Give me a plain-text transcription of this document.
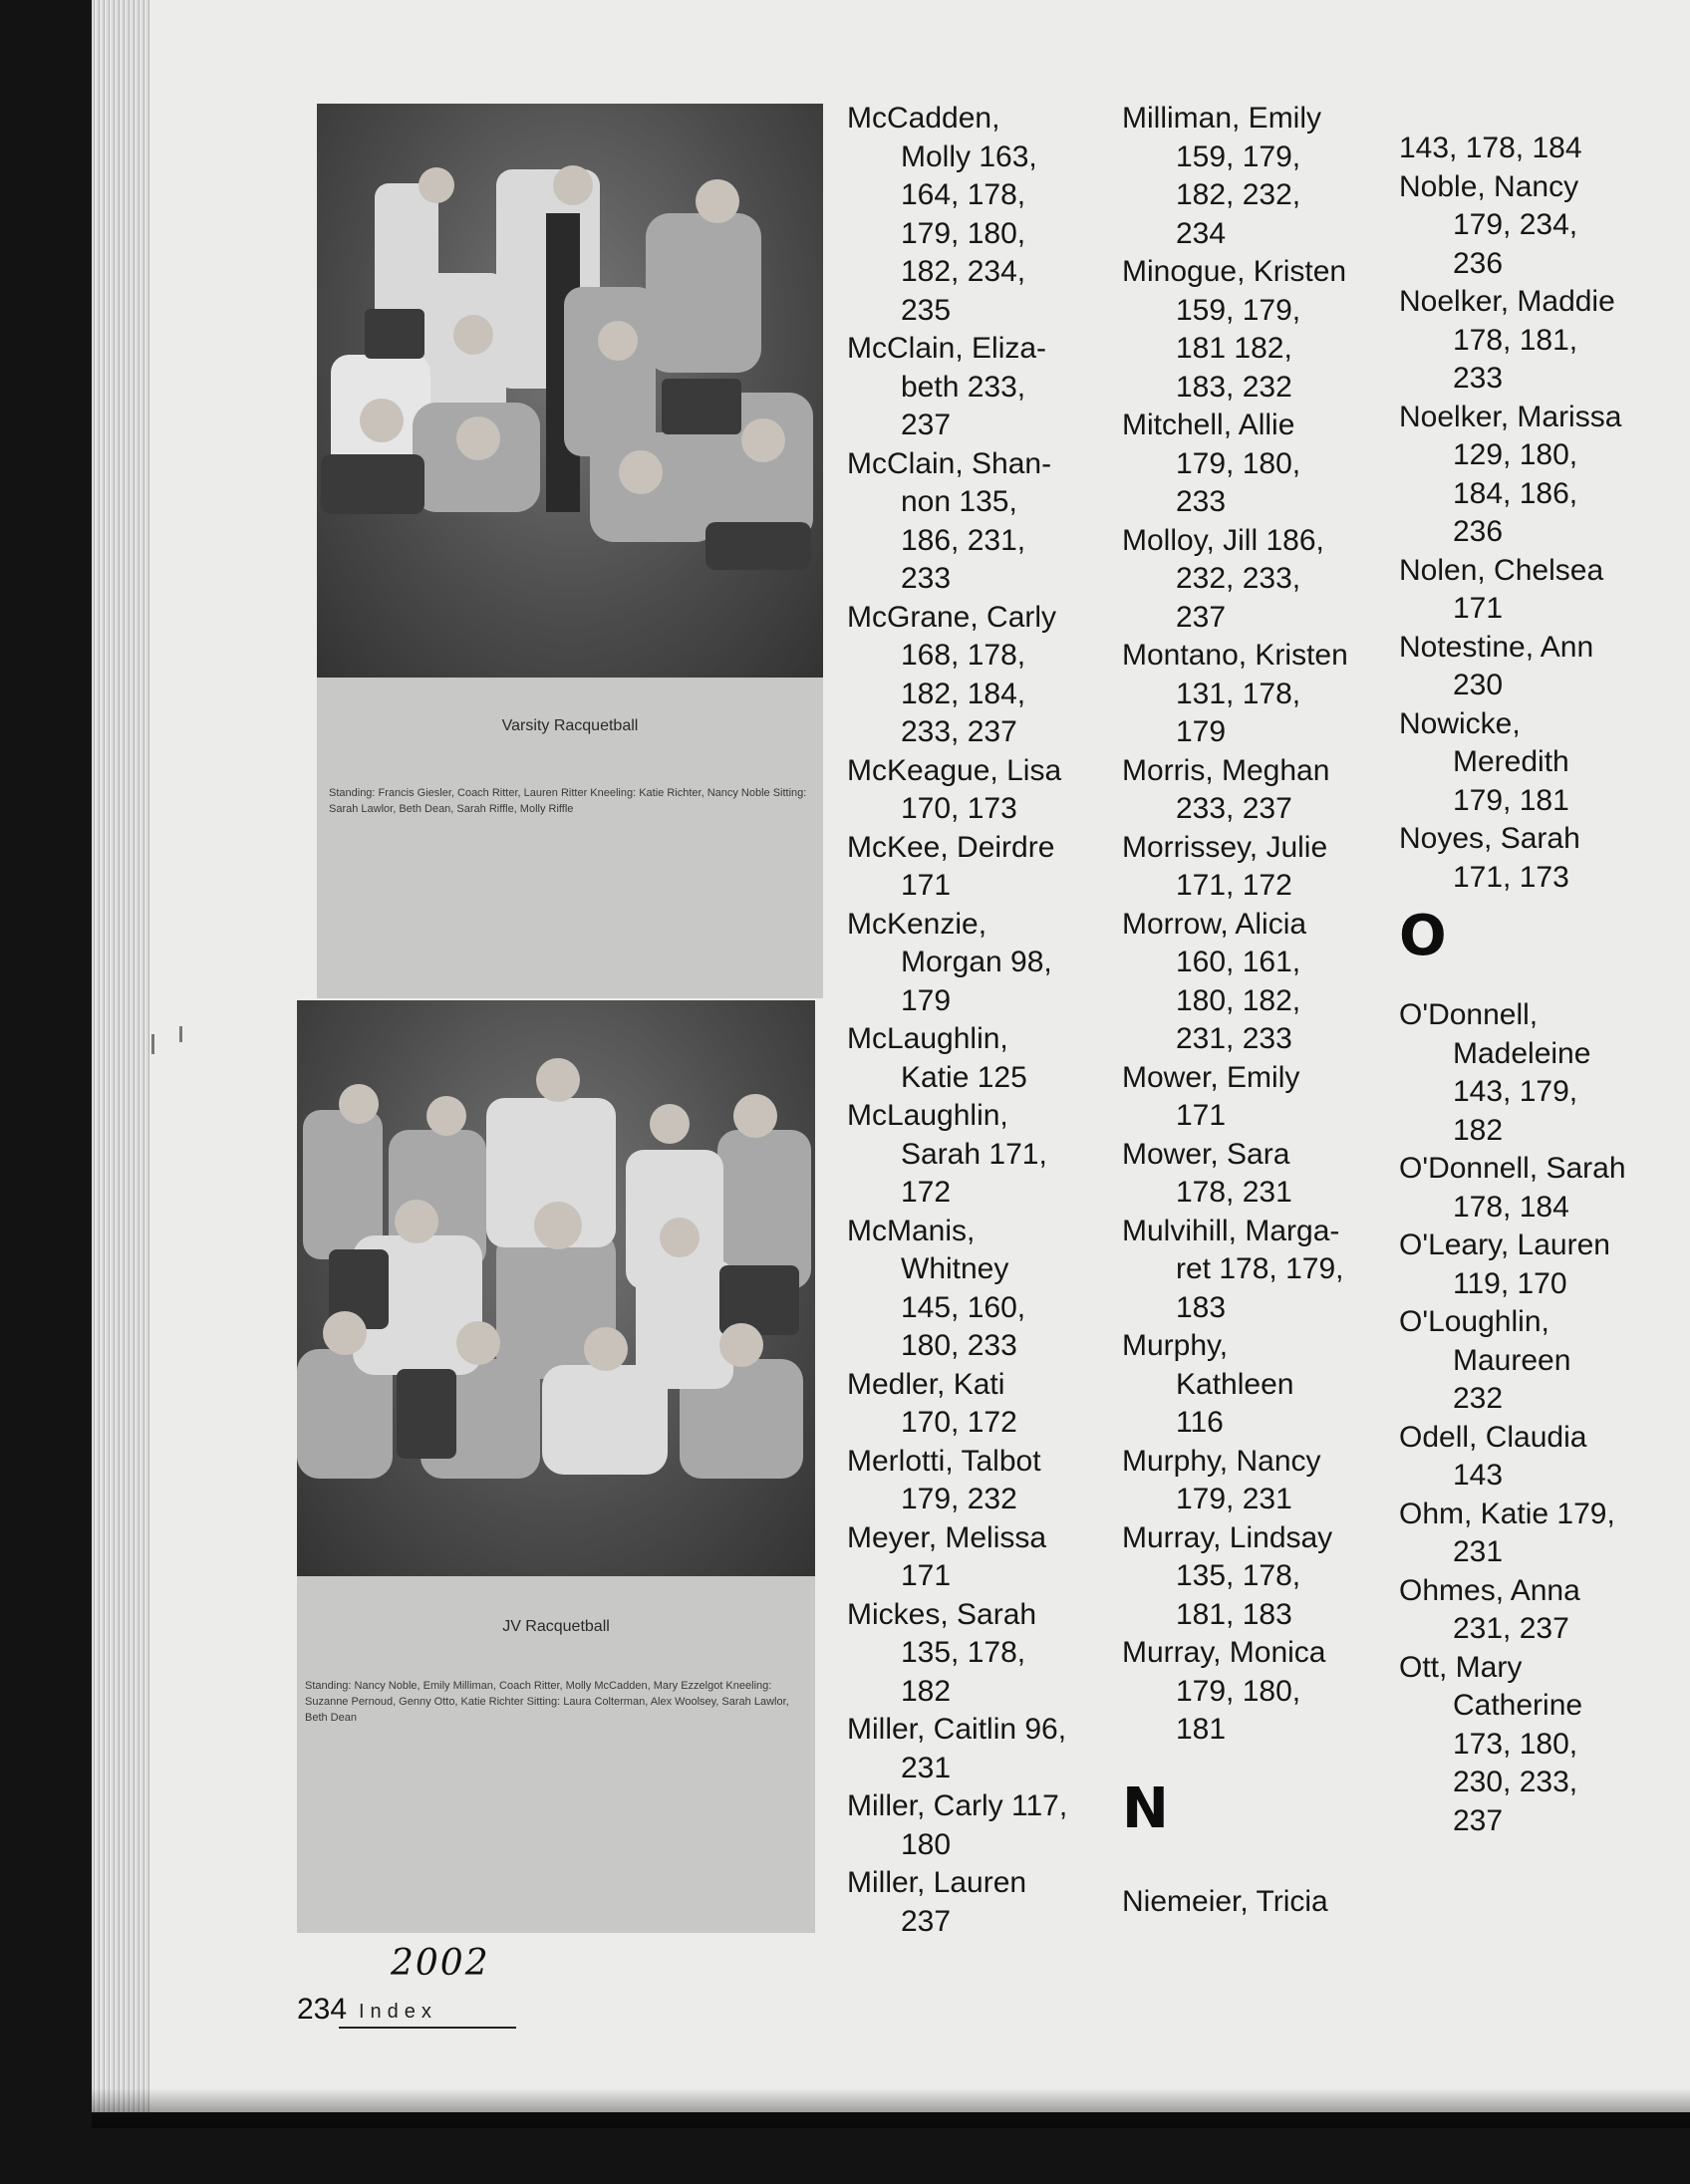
Varsity Racquetball
Standing: Francis Giesler, Coach Ritter, Lauren Ritter Kneeling: Katie Richter, Nancy Noble Sitting: Sarah Lawlor, Beth Dean, Sarah Riffle, Molly Riffle
JV Racquetball
Standing: Nancy Noble, Emily Milliman, Coach Ritter, Molly McCadden, Mary Ezzelgot Kneeling: Suzanne Pernoud, Genny Otto, Katie Richter Sitting: Laura Colterman, Alex Woolsey, Sarah Lawlor, Beth Dean
McCadden,
Molly 163,
164, 178,
179, 180,
182, 234,
235
McClain, Eliza-
beth 233,
237
McClain, Shan-
non 135,
186, 231,
233
McGrane, Carly
168, 178,
182, 184,
233, 237
McKeague, Lisa
170, 173
McKee, Deirdre
171
McKenzie,
Morgan 98,
179
McLaughlin,
Katie 125
McLaughlin,
Sarah 171,
172
McManis,
Whitney
145, 160,
180, 233
Medler, Kati
170, 172
Merlotti, Talbot
179, 232
Meyer, Melissa
171
Mickes, Sarah
135, 178,
182
Miller, Caitlin 96,
231
Miller, Carly 117,
180
Miller, Lauren
237
Milliman, Emily
159, 179,
182, 232,
234
Minogue, Kristen
159, 179,
181 182,
183, 232
Mitchell, Allie
179, 180,
233
Molloy, Jill 186,
232, 233,
237
Montano, Kristen
131, 178,
179
Morris, Meghan
233, 237
Morrissey, Julie
171, 172
Morrow, Alicia
160, 161,
180, 182,
231, 233
Mower, Emily
171
Mower, Sara
178, 231
Mulvihill, Marga-
ret 178, 179,
183
Murphy,
Kathleen
116
Murphy, Nancy
179, 231
Murray, Lindsay
135, 178,
181, 183
Murray, Monica
179, 180,
181
N
Niemeier, Tricia
143, 178, 184
Noble, Nancy
179, 234,
236
Noelker, Maddie
178, 181,
233
Noelker, Marissa
129, 180,
184, 186,
236
Nolen, Chelsea
171
Notestine, Ann
230
Nowicke,
Meredith
179, 181
Noyes, Sarah
171, 173
O
O'Donnell,
Madeleine
143, 179,
182
O'Donnell, Sarah
178, 184
O'Leary, Lauren
119, 170
O'Loughlin,
Maureen
232
Odell, Claudia
143
Ohm, Katie 179,
231
Ohmes, Anna
231, 237
Ott, Mary
Catherine
173, 180,
230, 233,
237
2002
234 Index
